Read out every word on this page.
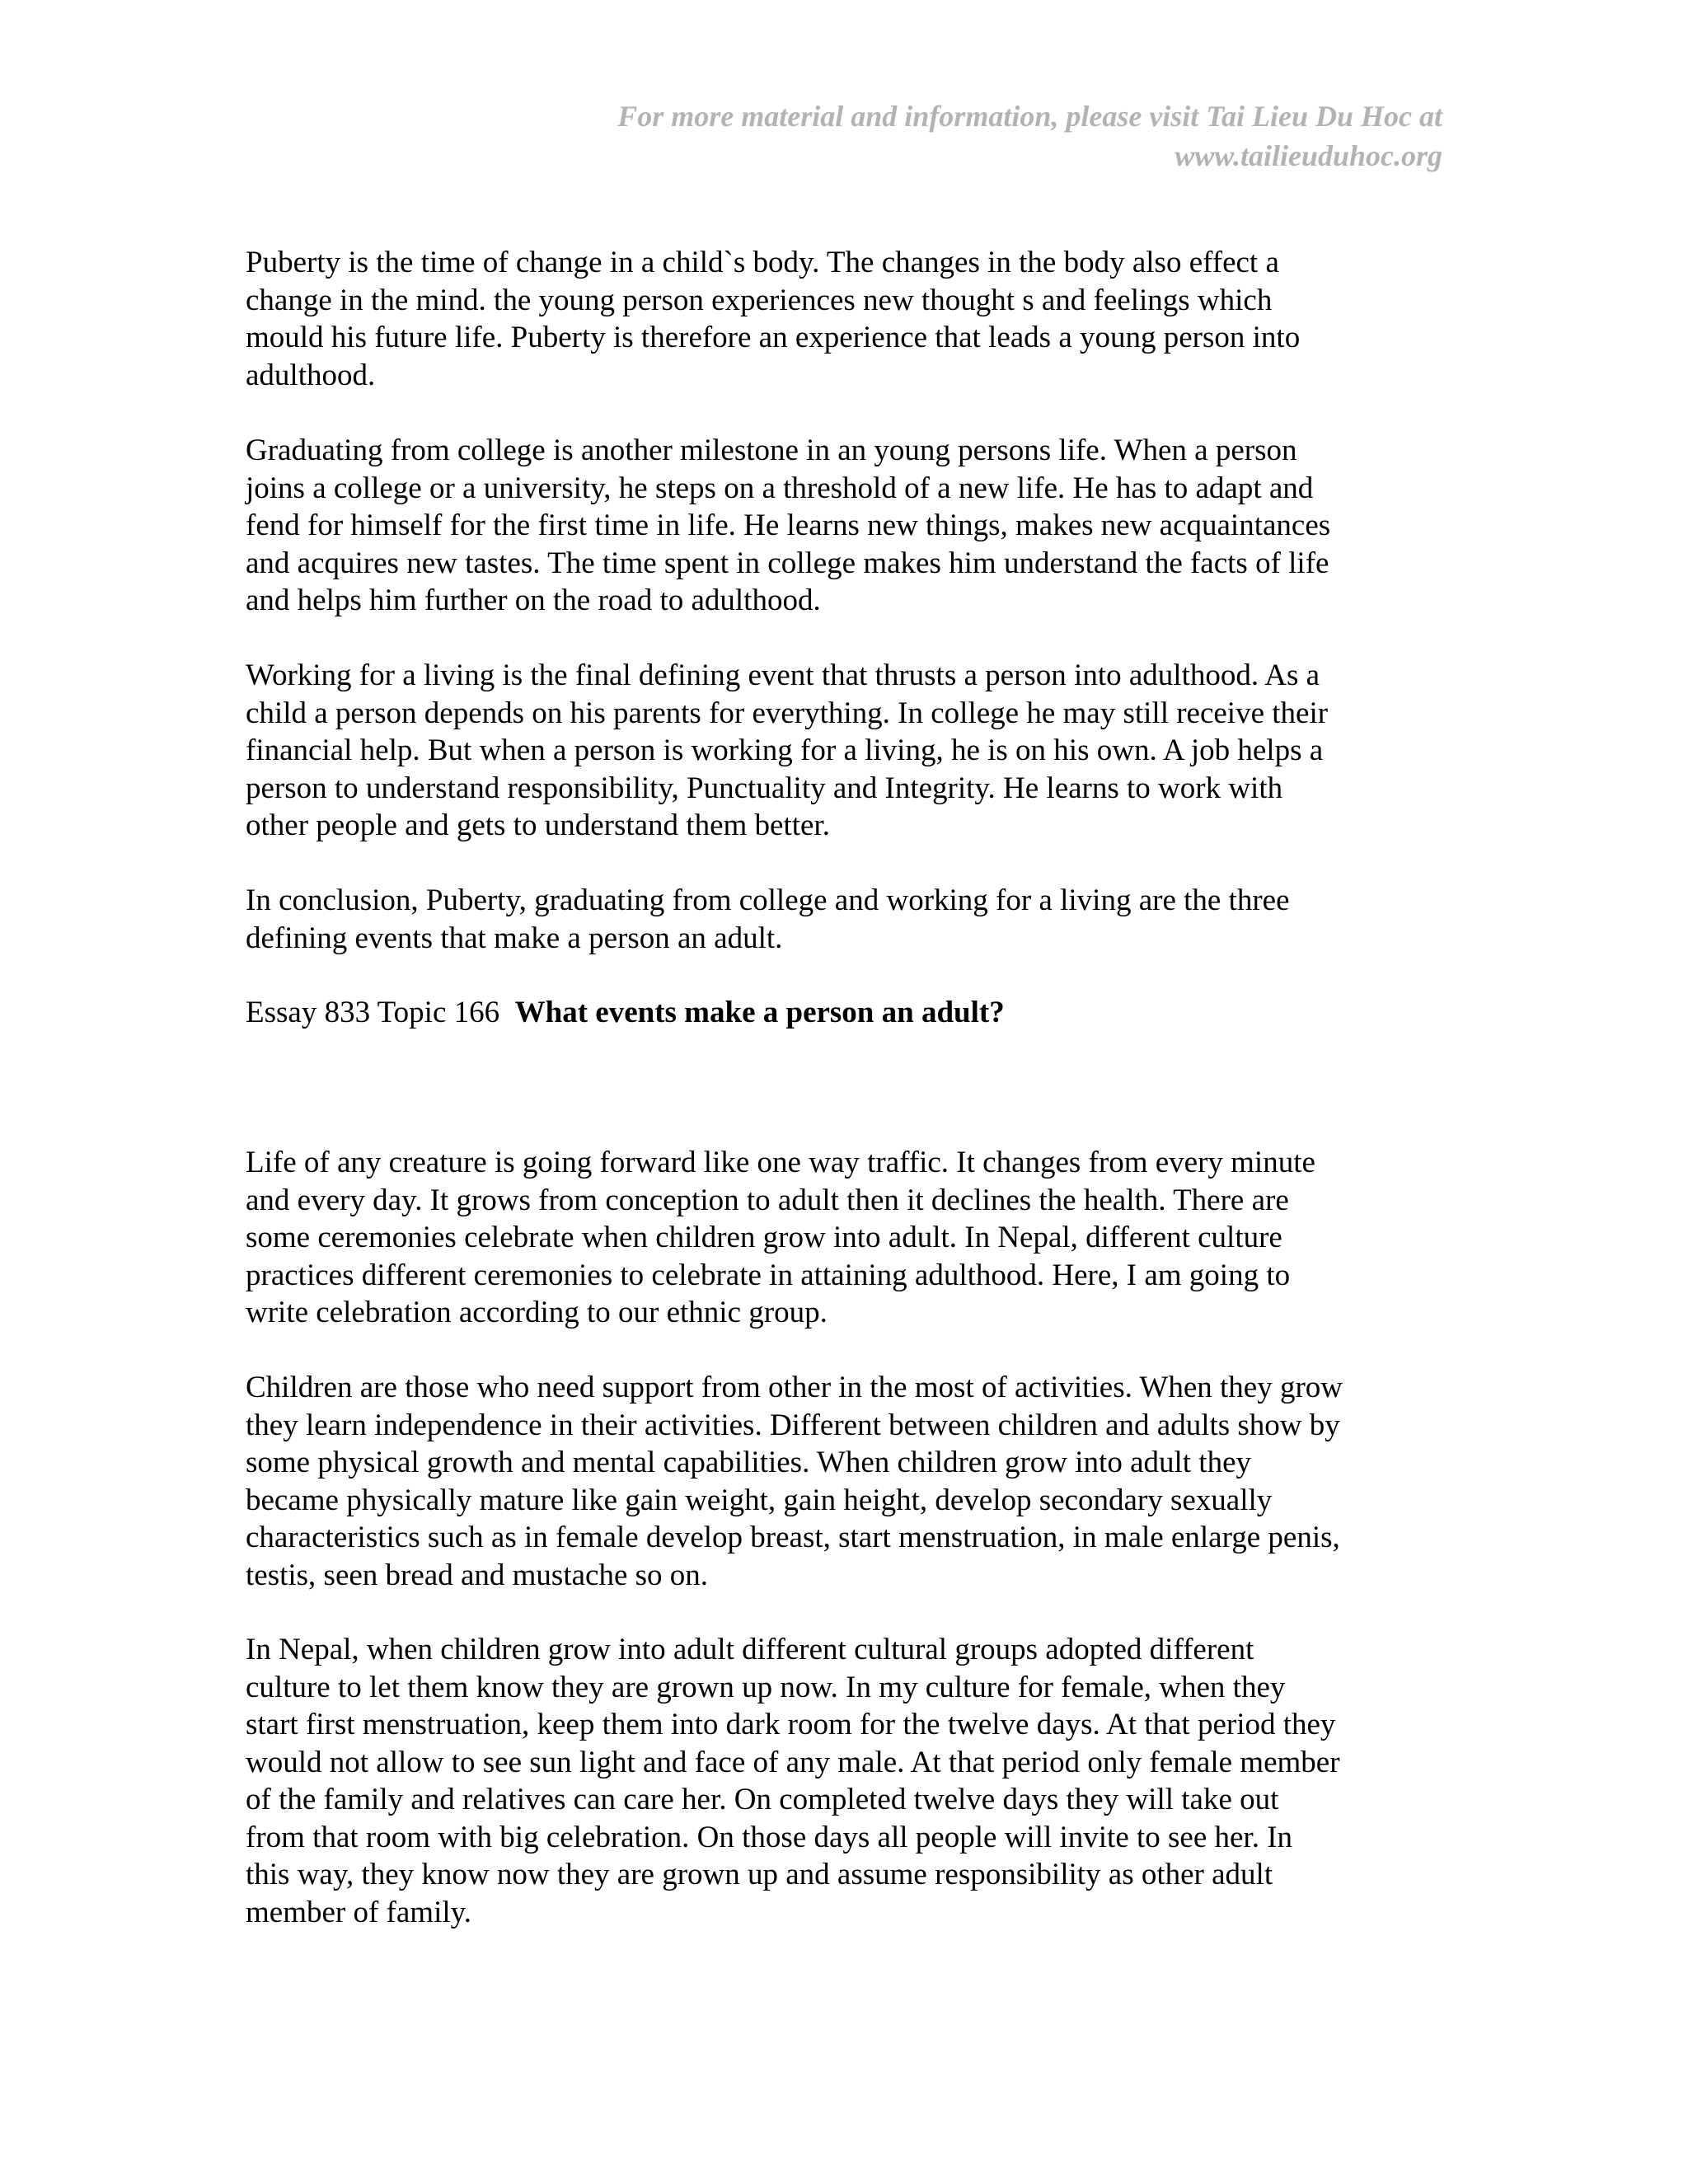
For more material and information, please visit Tai Lieu Du Hoc at
www.tailieuduhoc.org

Puberty is the time of change in a child`s body. The changes in the body also effect a
change in the mind. the young person experiences new thought s and feelings which
mould his future life. Puberty is therefore an experience that leads a young person into
adulthood.

Graduating from college is another milestone in an young persons life. When a person
joins a college or a university, he steps on a threshold of a new life. He has to adapt and
fend for himself for the first time in life. He learns new things, makes new acquaintances
and acquires new tastes. The time spent in college makes him understand the facts of life
and helps him further on the road to adulthood.

Working for a living is the final defining event that thrusts a person into adulthood. As a
child a person depends on his parents for everything. In college he may still receive their
financial help. But when a person is working for a living, he is on his own. A job helps a
person to understand responsibility, Punctuality and Integrity. He learns to work with
other people and gets to understand them better.

In conclusion, Puberty, graduating from college and working for a living are the three
defining events that make a person an adult.

Essay 833 Topic 166 What events make a person an adult?

Life of any creature is going forward like one way traffic. It changes from every minute
and every day. It grows from conception to adult then it declines the health. There are
some ceremonies celebrate when children grow into adult. In Nepal, different culture
practices different ceremonies to celebrate in attaining adulthood. Here, I am going to
write celebration according to our ethnic group.

Children are those who need support from other in the most of activities. When they grow
they learn independence in their activities. Different between children and adults show by
some physical growth and mental capabilities. When children grow into adult they
became physically mature like gain weight, gain height, develop secondary sexually
characteristics such as in female develop breast, start menstruation, in male enlarge penis,
testis, seen bread and mustache so on.

In Nepal, when children grow into adult different cultural groups adopted different
culture to let them know they are grown up now. In my culture for female, when they
start first menstruation, keep them into dark room for the twelve days. At that period they
would not allow to see sun light and face of any male. At that period only female member
of the family and relatives can care her. On completed twelve days they will take out
from that room with big celebration. On those days all people will invite to see her. In
this way, they know now they are grown up and assume responsibility as other adult
member of family.
